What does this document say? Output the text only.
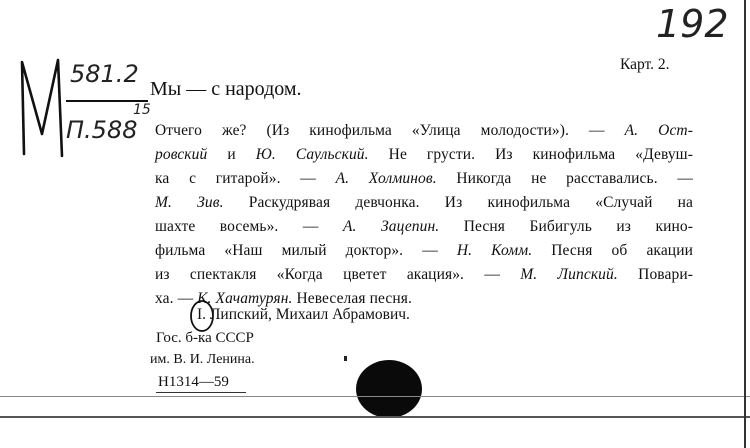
192
Карт. 2.
581.2
П.588
15
Мы — с народом.
Отчего же? (Из кинофильма «Улица молодости»). — А. Ост-
ровский и Ю. Саульский. Не грусти. Из кинофильма «Девуш-
ка с гитарой». — А. Холминов. Никогда не расставались. —
М. Зив. Раскудрявая девчонка. Из кинофильма «Случай на
шахте восемь». — А. Зацепин. Песня Бибигуль из кино-
фильма «Наш милый доктор». — Н. Комм. Песня об акации
из спектакля «Когда цветет акация». — М. Липский. Повари-
ха. — К. Хачатурян. Невеселая песня.
I. Липский, Михаил Абрамович.
Гос. б-ка СССР
им. В. И. Ленина.
Н1314—59
